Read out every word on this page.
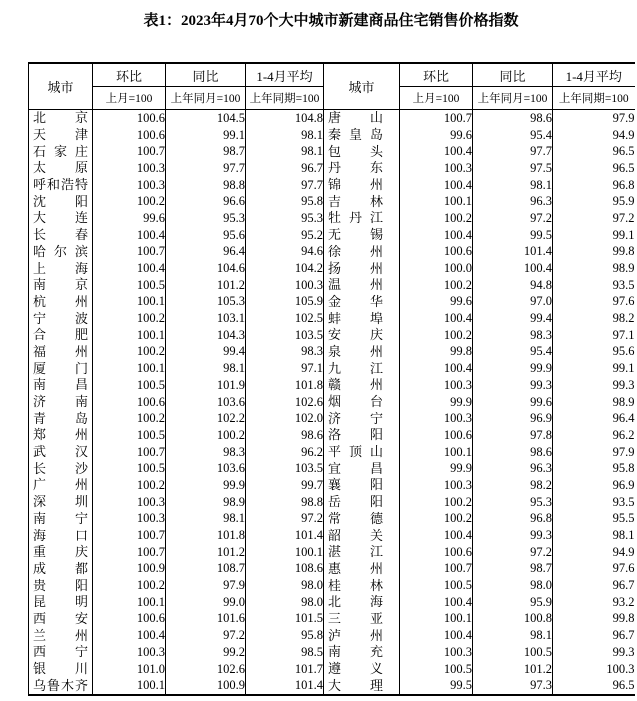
表1：2023年4月70个大中城市新建商品住宅销售价格指数
城市	环比	同比	1-4月平均	城市	环比	同比	1-4月平均
	上月=100	上年同月=100	上年同期=100		上月=100	上年同月=100	上年同期=100

北 京	100.6	104.5	104.8	唐 山	100.7	98.6	97.9

天 津	100.6	99.1	98.1	秦 皇 岛	99.6	95.4	94.9

石 家 庄	100.7	98.7	98.1	包 头	100.4	97.7	96.5

太 原	100.3	97.7	96.7	丹 东	100.3	97.5	96.5

呼 和 浩 特	100.3	98.8	97.7	锦 州	100.4	98.1	96.8

沈 阳	100.2	96.6	95.8	吉 林	100.1	96.3	95.9

大 连	99.6	95.3	95.3	牡 丹 江	100.2	97.2	97.2

长 春	100.4	95.6	95.2	无 锡	100.4	99.5	99.1

哈 尔 滨	100.7	96.4	94.6	徐 州	100.6	101.4	99.8

上 海	100.4	104.6	104.2	扬 州	100.0	100.4	98.9

南 京	100.5	101.2	100.3	温 州	100.2	94.8	93.5

杭 州	100.1	105.3	105.9	金 华	99.6	97.0	97.6

宁 波	100.2	103.1	102.5	蚌 埠	100.4	99.4	98.2

合 肥	100.1	104.3	103.5	安 庆	100.2	98.3	97.1

福 州	100.2	99.4	98.3	泉 州	99.8	95.4	95.6

厦 门	100.1	98.1	97.1	九 江	100.4	99.9	99.1

南 昌	100.5	101.9	101.8	赣 州	100.3	99.3	99.3

济 南	100.6	103.6	102.6	烟 台	99.9	99.6	98.9

青 岛	100.2	102.2	102.0	济 宁	100.3	96.9	96.4

郑 州	100.5	100.2	98.6	洛 阳	100.6	97.8	96.2

武 汉	100.7	98.3	96.2	平 顶 山	100.1	98.6	97.9

长 沙	100.5	103.6	103.5	宜 昌	99.9	96.3	95.8

广 州	100.2	99.9	99.7	襄 阳	100.3	98.2	96.9

深 圳	100.3	98.9	98.8	岳 阳	100.2	95.3	93.5

南 宁	100.3	98.1	97.2	常 德	100.2	96.8	95.5

海 口	100.7	101.8	101.4	韶 关	100.4	99.3	98.1

重 庆	100.7	101.2	100.1	湛 江	100.6	97.2	94.9

成 都	100.9	108.7	108.6	惠 州	100.7	98.7	97.6

贵 阳	100.2	97.9	98.0	桂 林	100.5	98.0	96.7

昆 明	100.1	99.0	98.0	北 海	100.4	95.9	93.2

西 安	100.6	101.6	101.5	三 亚	100.1	100.8	99.8

兰 州	100.4	97.2	95.8	泸 州	100.4	98.1	96.7

西 宁	100.3	99.2	98.5	南 充	100.3	100.5	99.3

银 川	101.0	102.6	101.7	遵 义	100.5	101.2	100.3

乌 鲁 木 齐	100.1	100.9	101.4	大 理	99.5	97.3	96.5
